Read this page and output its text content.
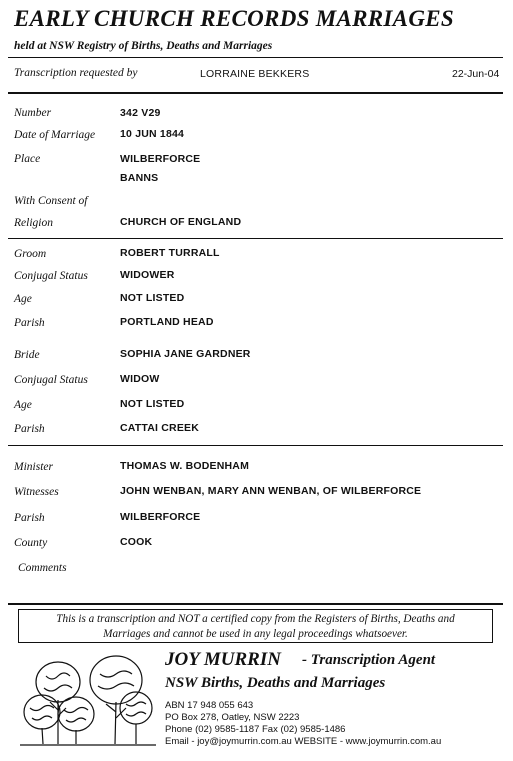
EARLY CHURCH RECORDS MARRIAGES
held at NSW Registry of Births, Deaths and Marriages
Transcription requested by	LORRAINE BEKKERS	22-Jun-04
Number	342 V29
Date of Marriage 10 JUN 1844
Place	WILBERFORCE
BANNS
With Consent of
Religion	CHURCH OF ENGLAND
Groom	ROBERT TURRALL
Conjugal Status	WIDOWER
Age	NOT LISTED
Parish	PORTLAND HEAD
Bride	SOPHIA JANE GARDNER
Conjugal Status	WIDOW
Age	NOT LISTED
Parish	CATTAI CREEK
Minister	THOMAS W. BODENHAM
Witnesses	JOHN WENBAN, MARY ANN WENBAN, OF WILBERFORCE
Parish	WILBERFORCE
County	COOK
Comments
This is a transcription and NOT a certified copy from the Registers of Births, Deaths and
Marriages and cannot be used in any legal proceedings whatsoever.
JOY MURRIN - Transcription Agent
NSW Births, Deaths and Marriages
ABN 17 948 055 643
PO Box 278, Oatley, NSW 2223
Phone (02) 9585-1187 Fax (02) 9585-1486
Email - joy@joymurrin.com.au WEBSITE - www.joymurrin.com.au
